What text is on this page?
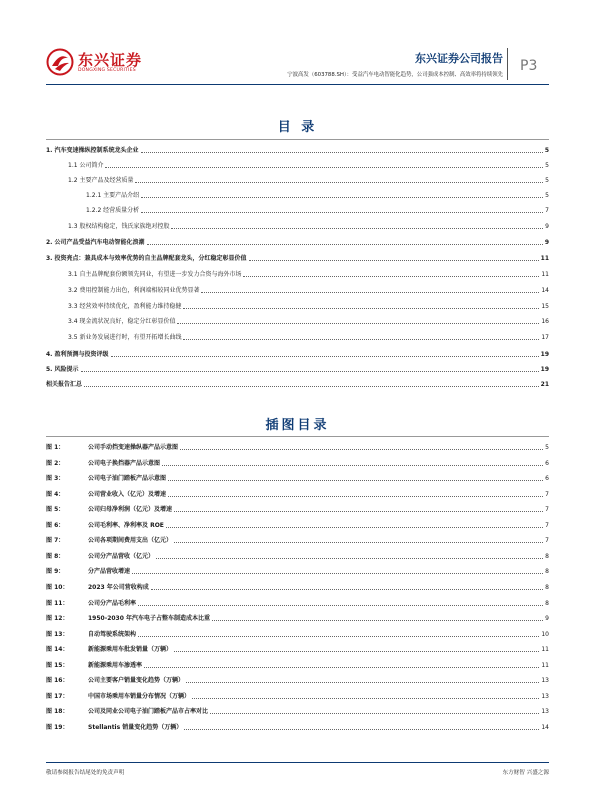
东兴证券
DONGXING SECURITIES
东兴证券公司报告
宁波高发（603788.SH）：受益汽车电动智能化趋势，公司强成本控制、高效率将持续领先
P3
目 录
1. 汽车变速操纵控制系统龙头企业	5
1.1 公司简介	5
1.2 主要产品及经营质量	5
1.2.1 主要产品介绍	5
1.2.2 经营质量分析	7
1.3 股权结构稳定，钱氏家族绝对控股	9
2. 公司产品受益汽车电动智能化浪潮	9
3. 投资亮点：兼具成本与效率优势的自主品牌配套龙头，分红稳定彰显价值	11
3.1 自主品牌配套份额领先同业，有望进一步发力合资与海外市场	11
3.2 费用控制能力出色，利润端相较同业优势显著	14
3.3 经营效率持续优化，盈利能力维持稳健	15
3.4 现金流状况良好，稳定分红彰显价值	16
3.5 新业务发展进行时，有望开拓增长曲线	17
4. 盈利预测与投资评级	19
5. 风险提示	19
相关报告汇总	21
插图目录
图 1：	公司手动挡变速操纵器产品示意图	5
图 2：	公司电子换挡器产品示意图	6
图 3：	公司电子油门踏板产品示意图	6
图 4：	公司营业收入（亿元）及增速	7
图 5：	公司归母净利润（亿元）及增速	7
图 6：	公司毛利率、净利率及 ROE	7
图 7：	公司各项期间费用支出（亿元）	7
图 8：	公司分产品营收（亿元）	8
图 9：	分产品营收增速	8
图 10：	2023 年公司营收构成	8
图 11：	公司分产品毛利率	8
图 12：	1950-2030 年汽车电子占整车制造成本比重	9
图 13：	自动驾驶系统架构	10
图 14：	新能源乘用车批发销量（万辆）	11
图 15：	新能源乘用车渗透率	11
图 16：	公司主要客户销量变化趋势（万辆）	13
图 17：	中国市场乘用车销量分布情况（万辆）	13
图 18：	公司及同业公司电子油门踏板产品市占率对比	13
图 19：	Stellantis 销量变化趋势（万辆）	14
敬请参阅报告结尾处的免责声明	东方财智 兴盛之源
